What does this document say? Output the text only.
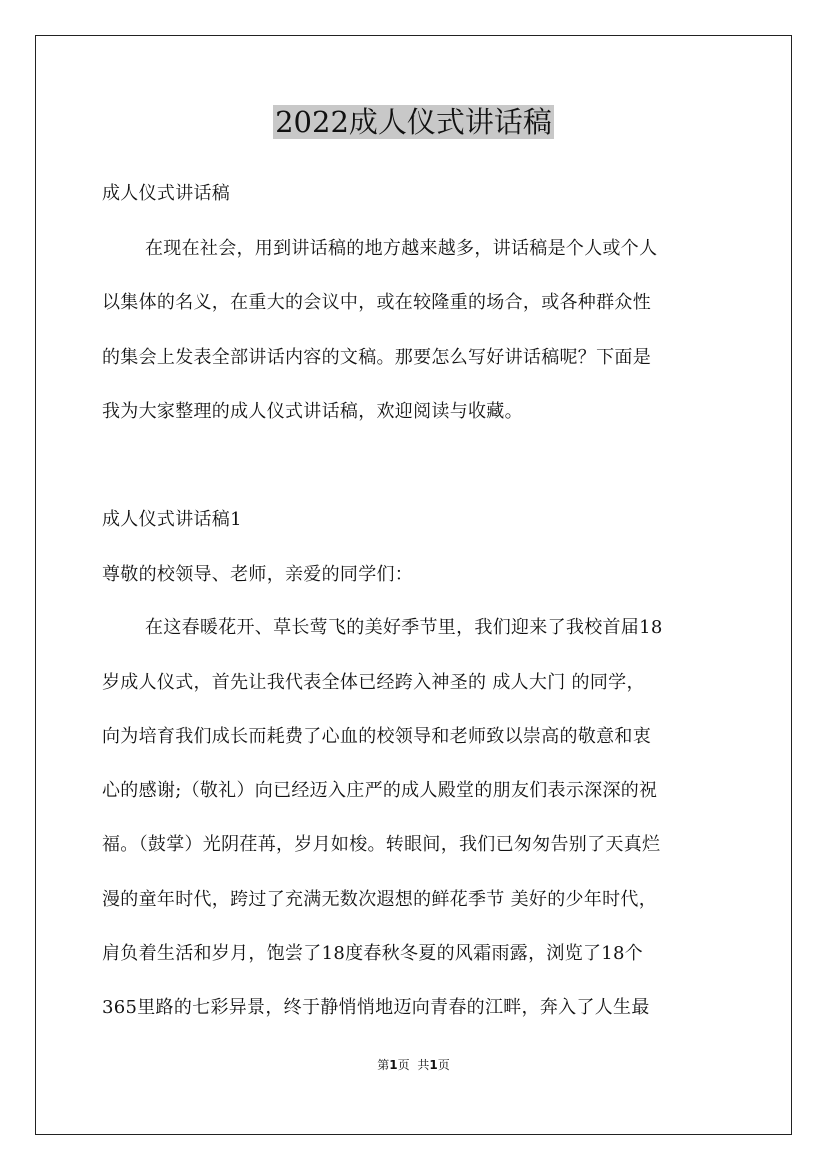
2022成人仪式讲话稿
成人仪式讲话稿
在现在社会，用到讲话稿的地方越来越多，讲话稿是个人或个人
以集体的名义，在重大的会议中，或在较隆重的场合，或各种群众性
的集会上发表全部讲话内容的文稿。那要怎么写好讲话稿呢？下面是
我为大家整理的成人仪式讲话稿，欢迎阅读与收藏。
成人仪式讲话稿1
尊敬的校领导、老师，亲爱的同学们：
在这春暖花开、草长莺飞的美好季节里，我们迎来了我校首届18
岁成人仪式，首先让我代表全体已经跨入神圣的 成人大门 的同学，
向为培育我们成长而耗费了心血的校领导和老师致以崇高的敬意和衷
心的感谢;（敬礼）向已经迈入庄严的成人殿堂的朋友们表示深深的祝
福。（鼓掌）光阴荏苒，岁月如梭。转眼间，我们已匆匆告别了天真烂
漫的童年时代，跨过了充满无数次遐想的鲜花季节 美好的少年时代，
肩负着生活和岁月，饱尝了18度春秋冬夏的风霜雨露，浏览了18个
365里路的七彩异景，终于静悄悄地迈向青春的江畔，奔入了人生最
第1页 共1页
